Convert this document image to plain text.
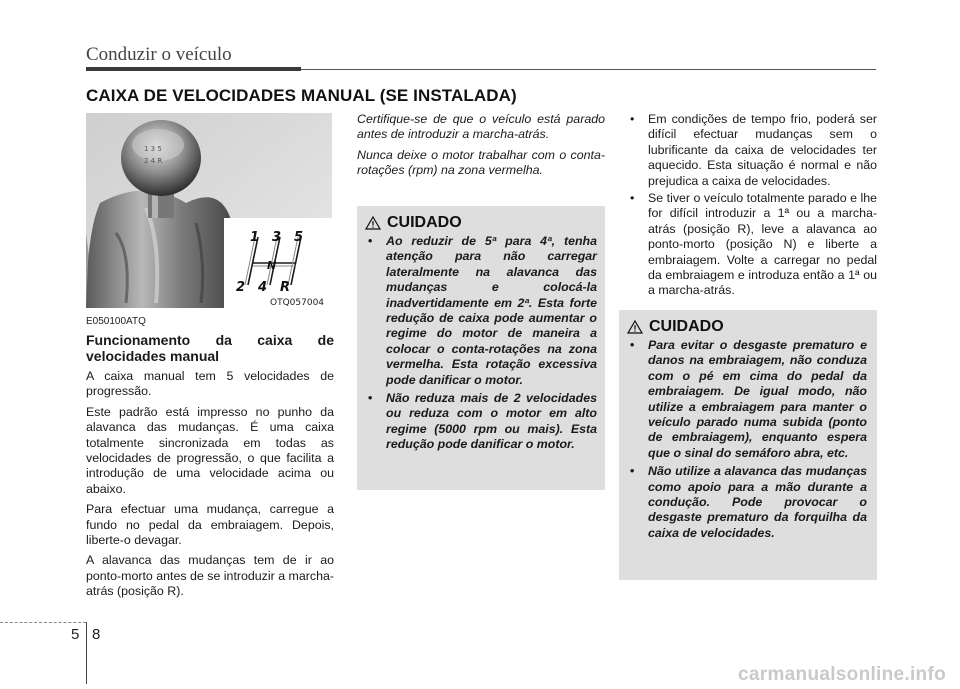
Conduzir o veículo
CAIXA DE VELOCIDADES MANUAL (SE INSTALADA)
1 3 5
2 4 R
1 3 5
2 4 R
N
OTQ057004
E050100ATQ
Funcionamento da caixa de velocidades manual

A caixa manual tem 5 velocidades de progressão.

Este padrão está impresso no punho da alavanca das mudanças. É uma caixa totalmente sincronizada em todas as velocidades de progressão, o que facilita a introdução de uma velocidade acima ou abaixo.

Para efectuar uma mudança, carregue a fundo no pedal da embraiagem. Depois, liberte-o devagar.

A alavanca das mudanças tem de ir ao ponto-morto antes de se introduzir a marcha-atrás (posição R).

Certifique-se de que o veículo está parado antes de introduzir a marcha-atrás.

Nunca deixe o motor trabalhar com o conta-rotações (rpm) na zona vermelha.

CUIDADO
• Ao reduzir de 5ª para 4ª, tenha atenção para não carregar lateralmente na alavanca das mudanças e colocá-la inadvertidamente em 2ª. Esta forte redução de caixa pode aumentar o regime do motor de maneira a colocar o conta-rotações na zona vermelha. Esta rotação excessiva pode danificar o motor.
• Não reduza mais de 2 velocidades ou reduza com o motor em alto regime (5000 rpm ou mais). Esta redução pode danificar o motor.
• Em condições de tempo frio, poderá ser difícil efectuar mudanças sem o lubrificante da caixa de velocidades ter aquecido. Esta situação é normal e não prejudica a caixa de velocidades.
• Se tiver o veículo totalmente parado e lhe for difícil introduzir a 1ª ou a marcha-atrás (posição R), leve a alavanca ao ponto-morto (posição N) e liberte a embraiagem. Volte a carregar no pedal da embraiagem e introduza então a 1ª ou a marcha-atrás.
CUIDADO
• Para evitar o desgaste prematuro e danos na embraiagem, não conduza com o pé em cima do pedal da embraiagem. De igual modo, não utilize a embraiagem para manter o veículo parado numa subida (ponto de embraiagem), enquanto espera que o sinal do semáforo abra, etc.
• Não utilize a alavanca das mudanças como apoio para a mão durante a condução. Pode provocar o desgaste prematuro da forquilha da caixa de velocidades.
5 8
carmanualsonline.info
